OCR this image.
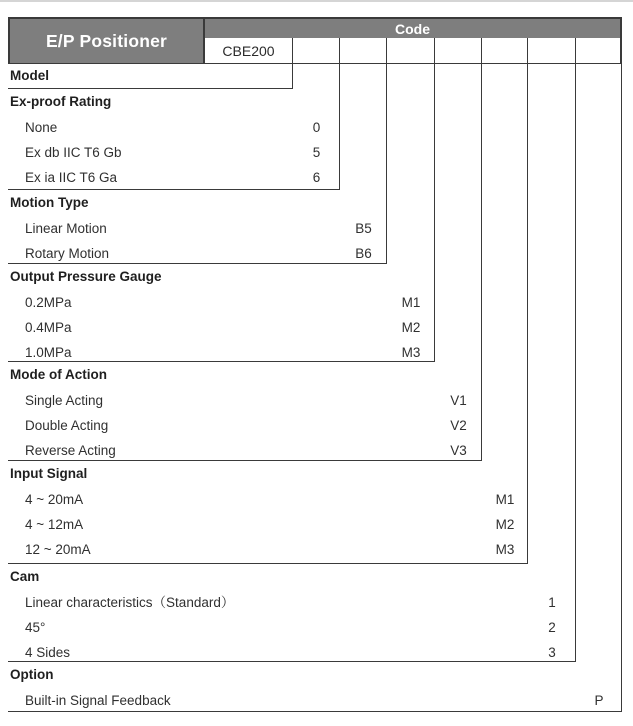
E/P Positioner
Code
CBE200
Model
Ex-proof Rating
None	0
Ex db IIC T6 Gb	5
Ex ia IIC T6 Ga	6
Motion Type
Linear Motion	B5
Rotary Motion	B6
Output Pressure Gauge
0.2MPa	M1
0.4MPa	M2
1.0MPa	M3
Mode of Action
Single Acting	V1
Double Acting	V2
Reverse Acting	V3
Input Signal
4 ~ 20mA	M1
4 ~ 12mA	M2
12 ~ 20mA	M3
Cam
Linear characteristics（Standard）	1
45°	2
4 Sides	3
Option
Built-in Signal Feedback	P
